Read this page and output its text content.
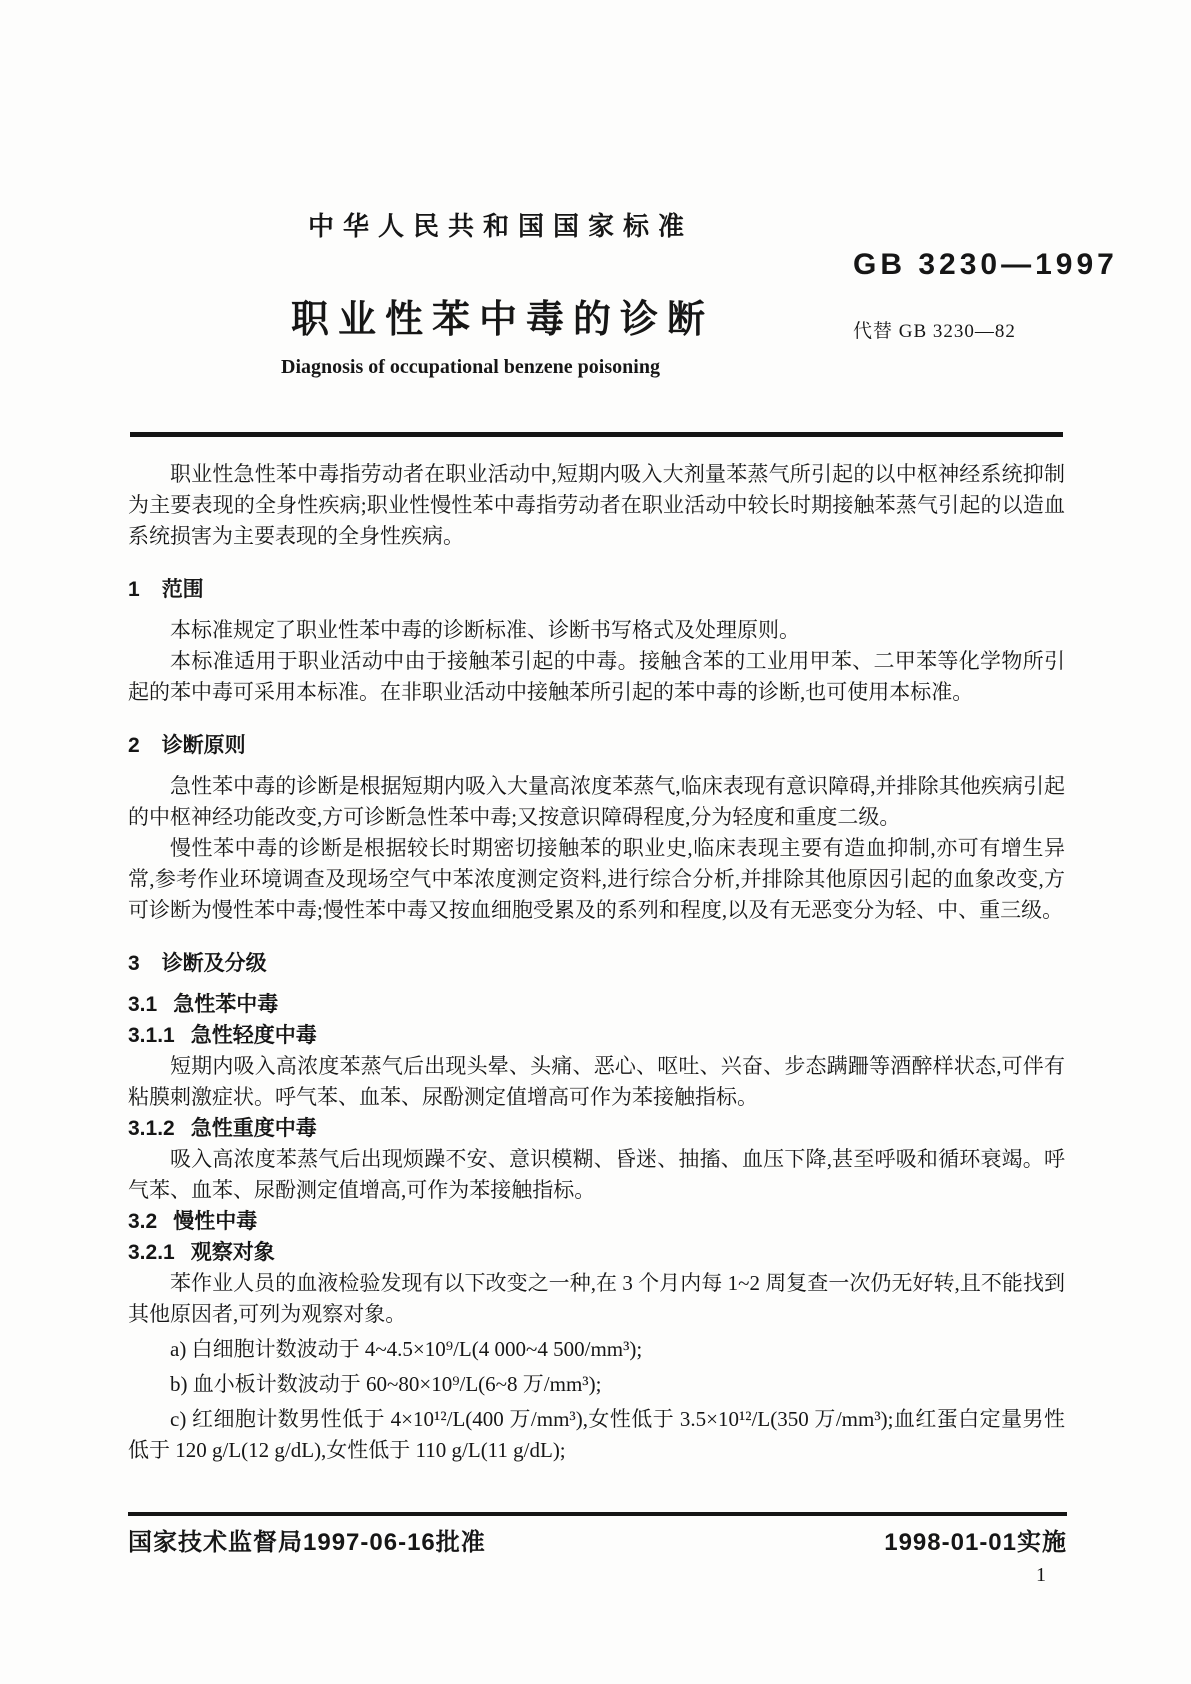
中华人民共和国国家标准
GB 3230—1997
职业性苯中毒的诊断	代替 GB 3230—82
Diagnosis of occupational benzene poisoning

职业性急性苯中毒指劳动者在职业活动中,短期内吸入大剂量苯蒸气所引起的以中枢神经系统抑制为主要表现的全身性疾病;职业性慢性苯中毒指劳动者在职业活动中较长时期接触苯蒸气引起的以造血系统损害为主要表现的全身性疾病。

1 范围

本标准规定了职业性苯中毒的诊断标准、诊断书写格式及处理原则。

本标准适用于职业活动中由于接触苯引起的中毒。接触含苯的工业用甲苯、二甲苯等化学物所引起的苯中毒可采用本标准。在非职业活动中接触苯所引起的苯中毒的诊断,也可使用本标准。

2 诊断原则

急性苯中毒的诊断是根据短期内吸入大量高浓度苯蒸气,临床表现有意识障碍,并排除其他疾病引起的中枢神经功能改变,方可诊断急性苯中毒;又按意识障碍程度,分为轻度和重度二级。

慢性苯中毒的诊断是根据较长时期密切接触苯的职业史,临床表现主要有造血抑制,亦可有增生异常,参考作业环境调查及现场空气中苯浓度测定资料,进行综合分析,并排除其他原因引起的血象改变,方可诊断为慢性苯中毒;慢性苯中毒又按血细胞受累及的系列和程度,以及有无恶变分为轻、中、重三级。

3 诊断及分级
3.1 急性苯中毒
3.1.1 急性轻度中毒

短期内吸入高浓度苯蒸气后出现头晕、头痛、恶心、呕吐、兴奋、步态蹒跚等酒醉样状态,可伴有粘膜刺激症状。呼气苯、血苯、尿酚测定值增高可作为苯接触指标。

3.1.2 急性重度中毒

吸入高浓度苯蒸气后出现烦躁不安、意识模糊、昏迷、抽搐、血压下降,甚至呼吸和循环衰竭。呼气苯、血苯、尿酚测定值增高,可作为苯接触指标。

3.2 慢性中毒
3.2.1 观察对象

苯作业人员的血液检验发现有以下改变之一种,在 3 个月内每 1~2 周复查一次仍无好转,且不能找到其他原因者,可列为观察对象。

a) 白细胞计数波动于 4~4.5×10⁹/L(4 000~4 500/mm³);

b) 血小板计数波动于 60~80×10⁹/L(6~8 万/mm³);

c) 红细胞计数男性低于 4×10¹²/L(400 万/mm³),女性低于 3.5×10¹²/L(350 万/mm³);血红蛋白定量男性低于 120 g/L(12 g/dL),女性低于 110 g/L(11 g/dL);

国家技术监督局1997-06-16批准	1998-01-01实施
1
